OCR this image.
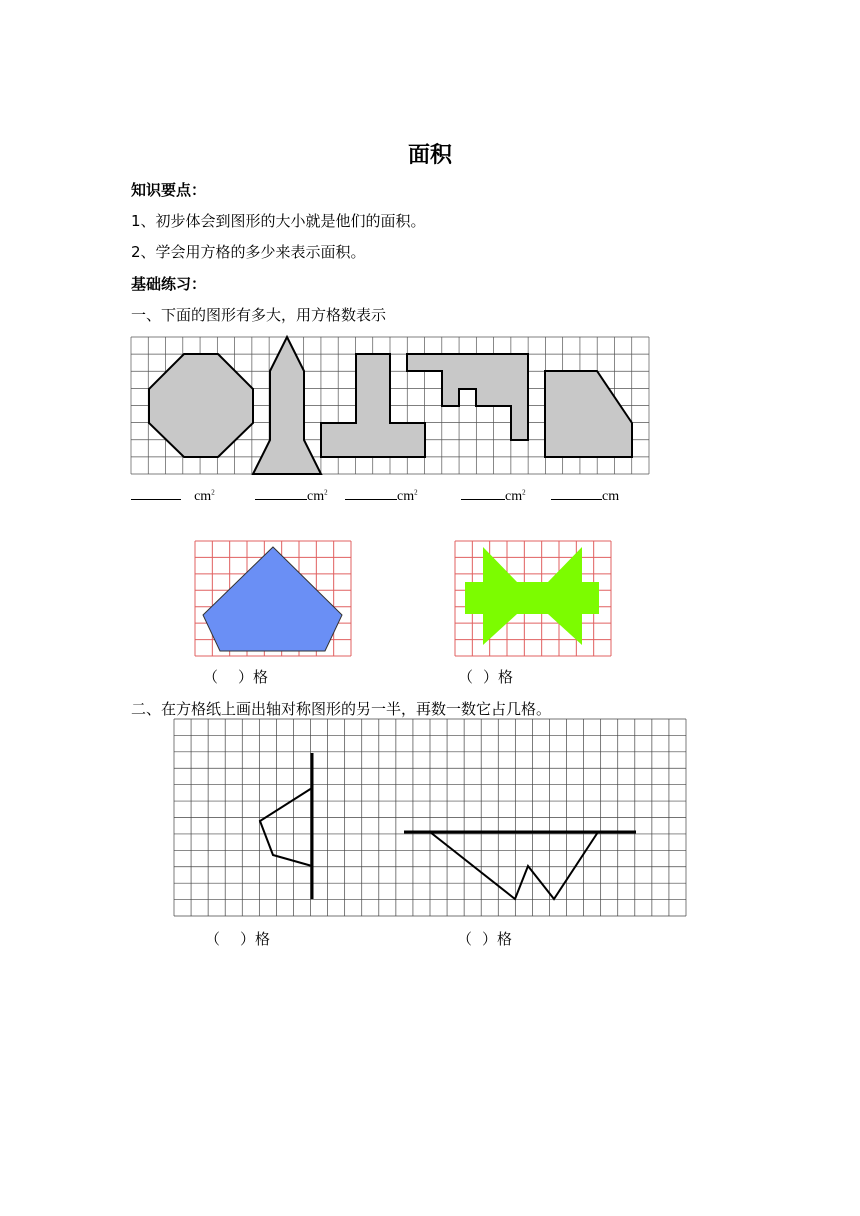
面积
知识要点：
1、初步体会到图形的大小就是他们的面积。
2、学会用方格的多少来表示面积。
基础练习：
一、下面的图形有多大，用方格数表示
$cm^2$	$cm^2$	$cm^2$	$cm^2$	cm
（ ）格	（ ）格
二、在方格纸上画出轴对称图形的另一半，再数一数它占几格。
（ ）格	（ ）格
